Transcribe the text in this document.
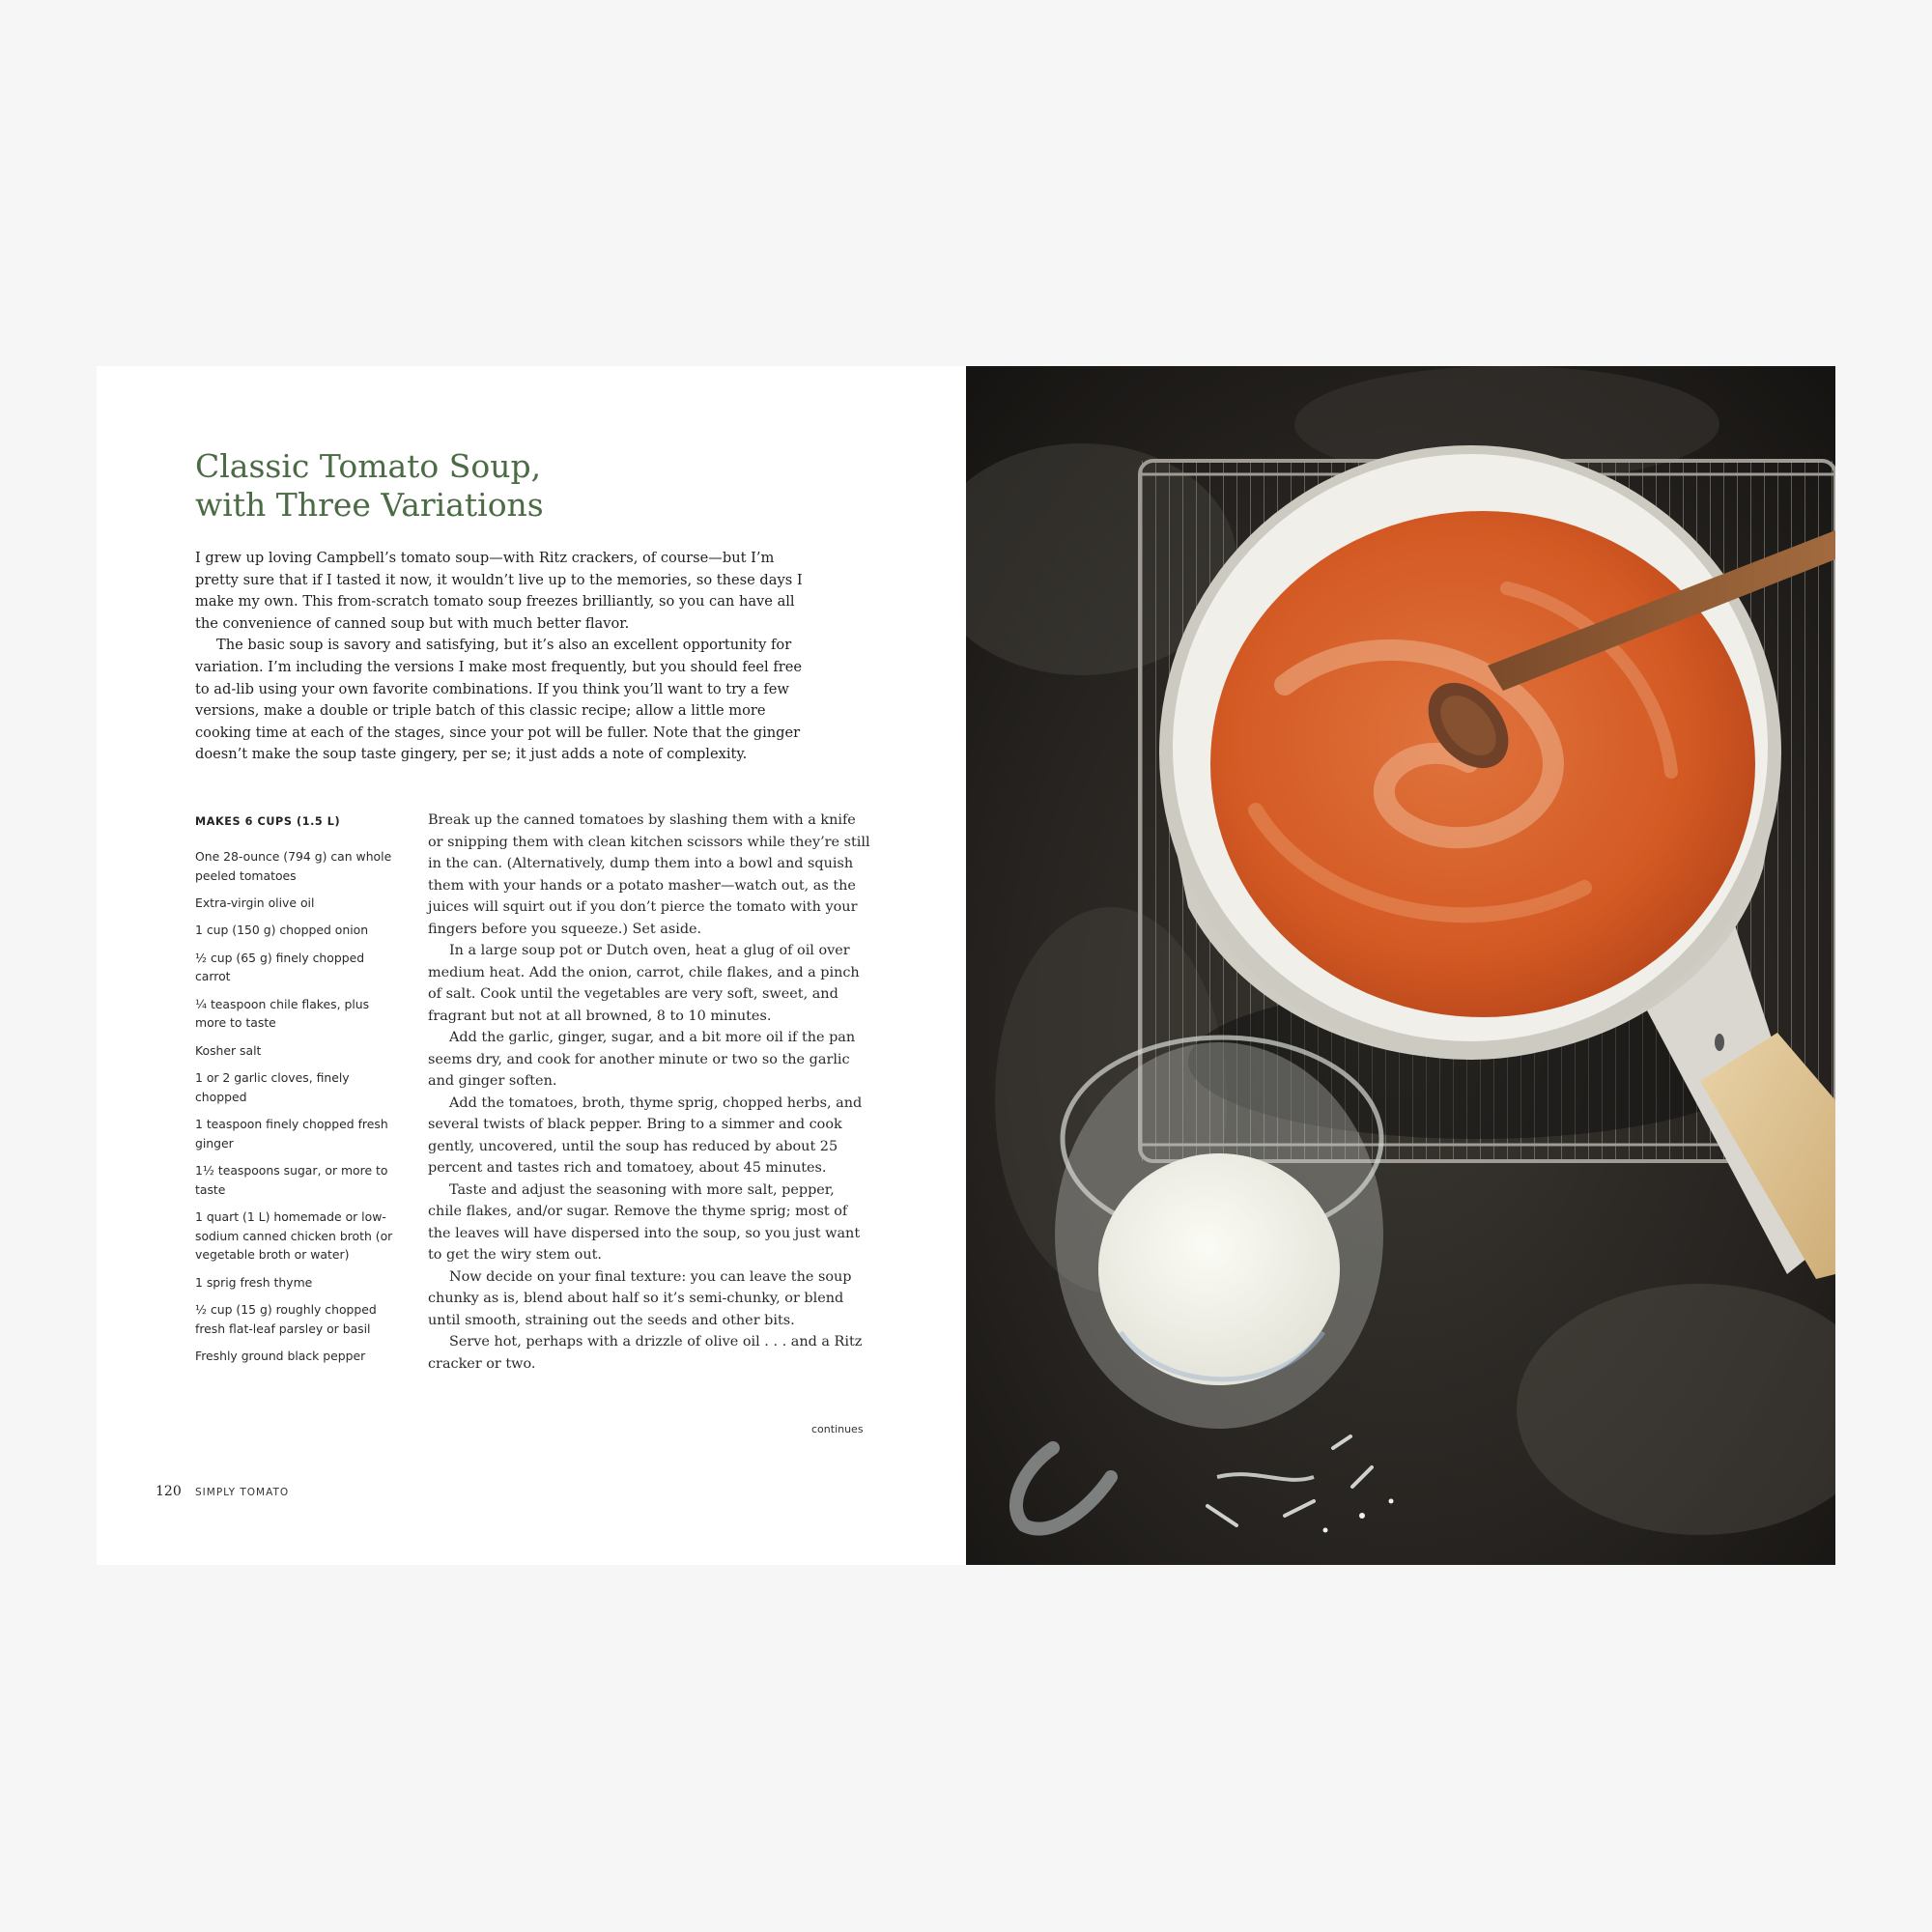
Classic Tomato Soup,
with Three Variations

I grew up loving Campbell’s tomato soup—with Ritz crackers, of course—but I’m pretty sure that if I tasted it now, it wouldn’t live up to the memories, so these days I make my own. This from-scratch tomato soup freezes brilliantly, so you can have all the convenience of canned soup but with much better flavor.

The basic soup is savory and satisfying, but it’s also an excellent opportunity for variation. I’m including the versions I make most frequently, but you should feel free to ad-lib using your own favorite combinations. If you think you’ll want to try a few versions, make a double or triple batch of this classic recipe; allow a little more cooking time at each of the stages, since your pot will be fuller. Note that the ginger doesn’t make the soup taste gingery, per se; it just adds a note of complexity.

MAKES 6 CUPS (1.5 L)
One 28-ounce (794 g) can whole peeled tomatoes
Extra-virgin olive oil
1 cup (150 g) chopped onion
½ cup (65 g) finely chopped carrot
¼ teaspoon chile flakes, plus more to taste
Kosher salt
1 or 2 garlic cloves, finely chopped
1 teaspoon finely chopped fresh ginger
1½ teaspoons sugar, or more to taste
1 quart (1 L) homemade or low-sodium canned chicken broth (or vegetable broth or water)
1 sprig fresh thyme
½ cup (15 g) roughly chopped fresh flat-leaf parsley or basil
Freshly ground black pepper

Break up the canned tomatoes by slashing them with a knife or snipping them with clean kitchen scissors while they’re still in the can. (Alternatively, dump them into a bowl and squish them with your hands or a potato masher—watch out, as the juices will squirt out if you don’t pierce the tomato with your fingers before you squeeze.) Set aside.

In a large soup pot or Dutch oven, heat a glug of oil over medium heat. Add the onion, carrot, chile flakes, and a pinch of salt. Cook until the vegetables are very soft, sweet, and fragrant but not at all browned, 8 to 10 minutes.

Add the garlic, ginger, sugar, and a bit more oil if the pan seems dry, and cook for another minute or two so the garlic and ginger soften.

Add the tomatoes, broth, thyme sprig, chopped herbs, and several twists of black pepper. Bring to a simmer and cook gently, uncovered, until the soup has reduced by about 25 percent and tastes rich and tomatoey, about 45 minutes.

Taste and adjust the seasoning with more salt, pepper, chile flakes, and/or sugar. Remove the thyme sprig; most of the leaves will have dispersed into the soup, so you just want to get the wiry stem out.

Now decide on your final texture: you can leave the soup chunky as is, blend about half so it’s semi-chunky, or blend until smooth, straining out the seeds and other bits.

Serve hot, perhaps with a drizzle of olive oil . . . and a Ritz cracker or two.

continues
120 SIMPLY TOMATO
